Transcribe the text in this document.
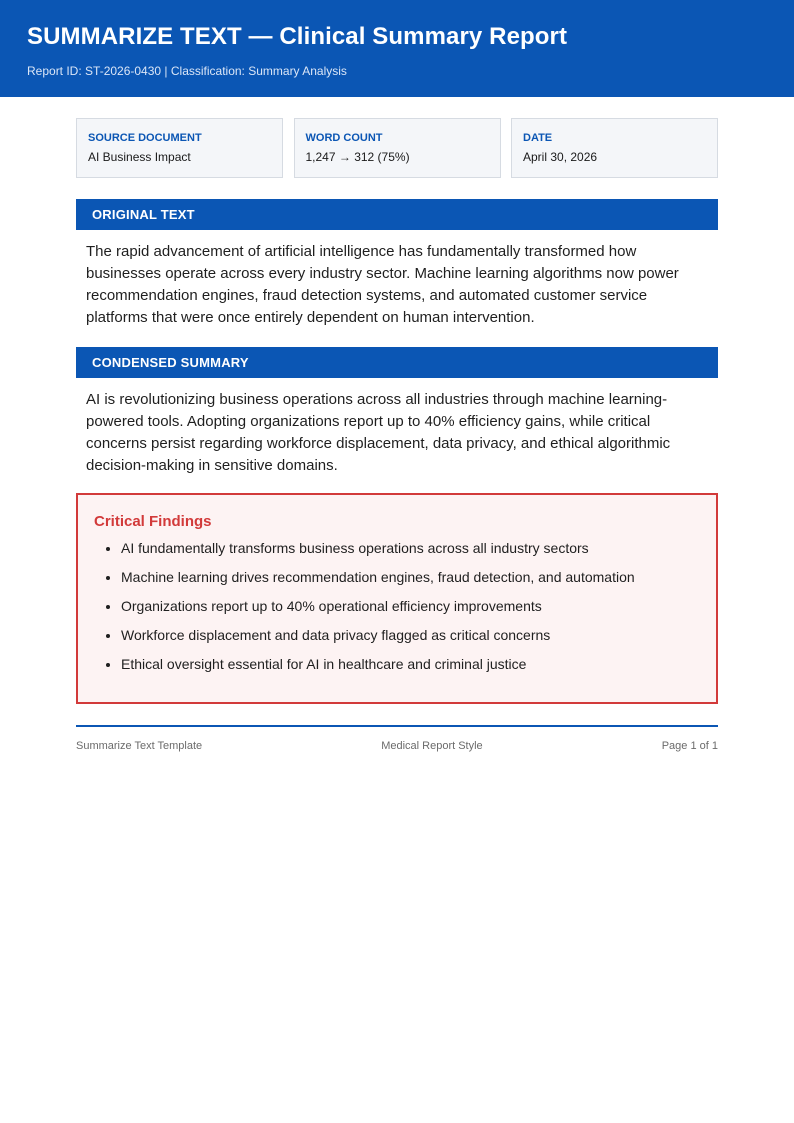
SUMMARIZE TEXT — Clinical Summary Report
Report ID: ST-2026-0430 | Classification: Summary Analysis
SOURCE DOCUMENT
AI Business Impact
WORD COUNT
1,247 → 312 (75%)
DATE
April 30, 2026
ORIGINAL TEXT
The rapid advancement of artificial intelligence has fundamentally transformed how businesses operate across every industry sector. Machine learning algorithms now power recommendation engines, fraud detection systems, and automated customer service platforms that were once entirely dependent on human intervention.
CONDENSED SUMMARY
AI is revolutionizing business operations across all industries through machine learning-powered tools. Adopting organizations report up to 40% efficiency gains, while critical concerns persist regarding workforce displacement, data privacy, and ethical algorithmic decision-making in sensitive domains.
Critical Findings
• AI fundamentally transforms business operations across all industry sectors
• Machine learning drives recommendation engines, fraud detection, and automation
• Organizations report up to 40% operational efficiency improvements
• Workforce displacement and data privacy flagged as critical concerns
• Ethical oversight essential for AI in healthcare and criminal justice
Summarize Text Template	Medical Report Style	Page 1 of 1
